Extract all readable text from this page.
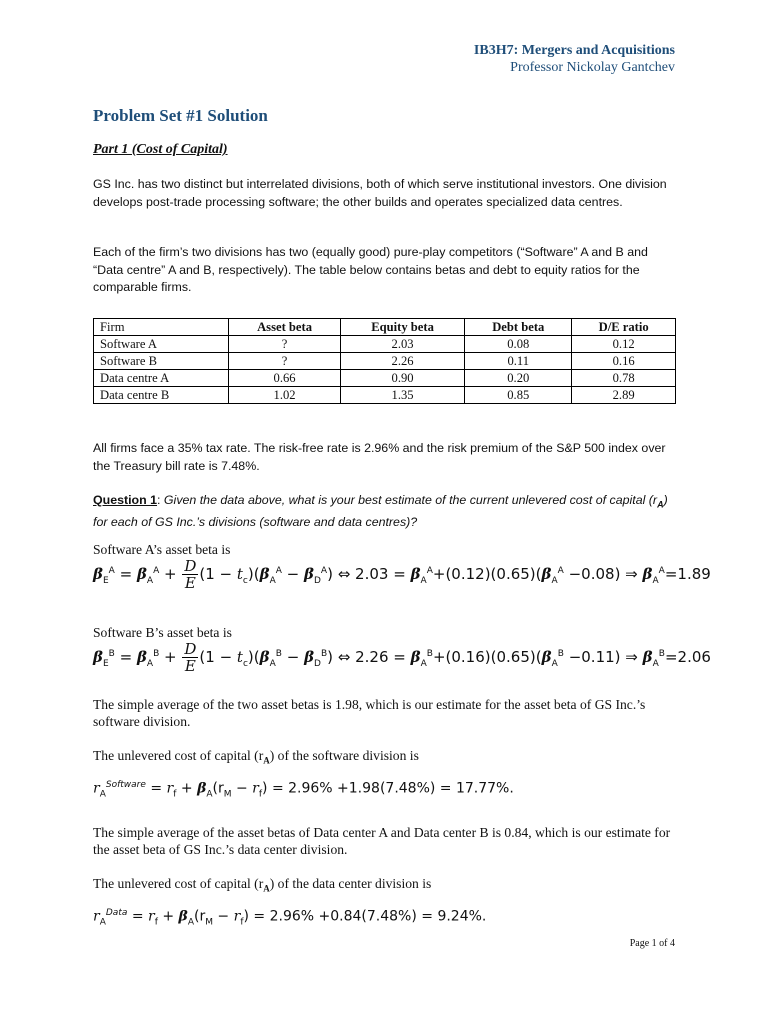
IB3H7: Mergers and Acquisitions
Professor Nickolay Gantchev
Problem Set #1 Solution
Part 1 (Cost of Capital)

GS Inc. has two distinct but interrelated divisions, both of which serve institutional investors. One division develops post-trade processing software; the other builds and operates specialized data centres.

Each of the firm’s two divisions has two (equally good) pure-play competitors (“Software” A and B and “Data centre” A and B, respectively). The table below contains betas and debt to equity ratios for the comparable firms.

Firm	Asset beta	Equity beta	Debt beta	D/E ratio
Software A	?	2.03	0.08	0.12
Software B	?	2.26	0.11	0.16
Data centre A	0.66	0.90	0.20	0.78
Data centre B	1.02	1.35	0.85	2.89

All firms face a 35% tax rate. The risk-free rate is 2.96% and the risk premium of the S&P 500 index over the Treasury bill rate is 7.48%.

Question 1: Given the data above, what is your best estimate of the current unlevered cost of capital $(r_A)$ for each of GS Inc.’s divisions (software and data centres)?

Software A’s asset beta is

$\beta_E^A = \beta_A^A + \frac{D}{E} (1 - t_c)(\beta_A^A - \beta_D^A)$ ⇔ $2.03 = \beta_A^A+(0.12)(0.65)(\beta_A^A -0.08)$ ⇒ $\beta_A^A=1.89$

Software B’s asset beta is

$\beta_E^B = \beta_A^B + \frac{D}{E} (1 - t_c)(\beta_A^B - \beta_D^B)$ ⇔ $2.26 = \beta_A^B+(0.16)(0.65)(\beta_A^B -0.11)$ ⇒ $\beta_A^B=2.06$

The simple average of the two asset betas is 1.98, which is our estimate for the asset beta of GS Inc.’s software division.

The unlevered cost of capital $(r_A)$ of the software division is

$r_A^{Software} = r_f + \beta_A(r_M - r_f) = 2.96\% +1.98(7.48\%) = 17.77\%$.

The simple average of the asset betas of Data center A and Data center B is 0.84, which is our estimate for the asset beta of GS Inc.’s data center division.

The unlevered cost of capital $(r_A)$ of the data center division is

$r_A^{Data} = r_f + \beta_A(r_M - r_f) = 2.96\% +0.84(7.48\%) = 9.24\%$.
Page 1 of 4
